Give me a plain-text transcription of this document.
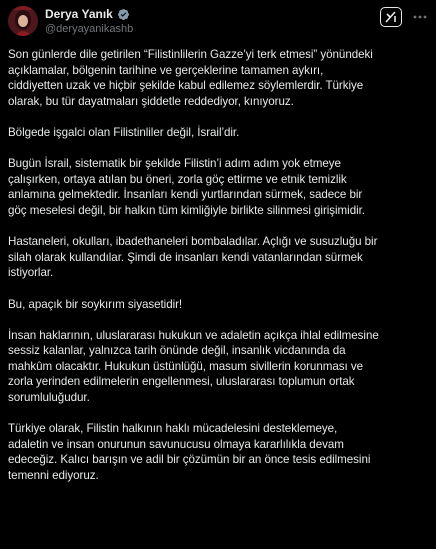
Derya Yanık
@deryayanikashb

Son günlerde dile getirilen “Filistinlilerin Gazze’yi terk etmesi” yönündeki
açıklamalar, bölgenin tarihine ve gerçeklerine tamamen aykırı,
ciddiyetten uzak ve hiçbir şekilde kabul edilemez söylemlerdir. Türkiye
olarak, bu tür dayatmaları şiddetle reddediyor, kınıyoruz.

Bölgede işgalci olan Filistinliler değil, İsrail’dir.

Bugün İsrail, sistematik bir şekilde Filistin’i adım adım yok etmeye
çalışırken, ortaya atılan bu öneri, zorla göç ettirme ve etnik temizlik
anlamına gelmektedir. İnsanları kendi yurtlarından sürmek, sadece bir
göç meselesi değil, bir halkın tüm kimliğiyle birlikte silinmesi girişimidir.

Hastaneleri, okulları, ibadethaneleri bombaladılar. Açlığı ve susuzluğu bir
silah olarak kullandılar. Şimdi de insanları kendi vatanlarından sürmek
istiyorlar.

Bu, apaçık bir soykırım siyasetidir!

İnsan haklarının, uluslararası hukukun ve adaletin açıkça ihlal edilmesine
sessiz kalanlar, yalnızca tarih önünde değil, insanlık vicdanında da
mahkûm olacaktır. Hukukun üstünlüğü, masum sivillerin korunması ve
zorla yerinden edilmelerin engellenmesi, uluslararası toplumun ortak
sorumluluğudur.

Türkiye olarak, Filistin halkının haklı mücadelesini desteklemeye,
adaletin ve insan onurunun savunucusu olmaya kararlılıkla devam
edeceğiz. Kalıcı barışın ve adil bir çözümün bir an önce tesis edilmesini
temenni ediyoruz.
